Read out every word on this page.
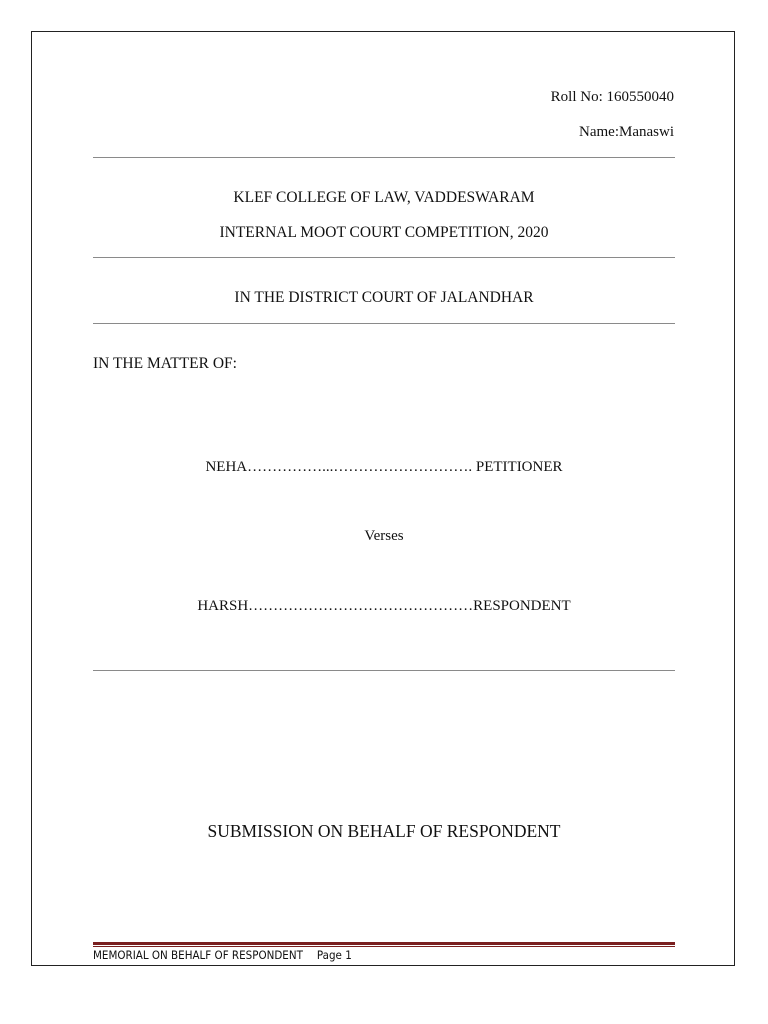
Roll No: 160550040
Name:Manaswi
KLEF COLLEGE OF LAW, VADDESWARAM
INTERNAL MOOT COURT COMPETITION, 2020
IN THE DISTRICT COURT OF JALANDHAR
IN THE MATTER OF:
NEHA……………...………………………. PETITIONER
Verses
HARSH………………………………………RESPONDENT
SUBMISSION ON BEHALF OF RESPONDENT
MEMORIAL ON BEHALF OF RESPONDENT Page 1
